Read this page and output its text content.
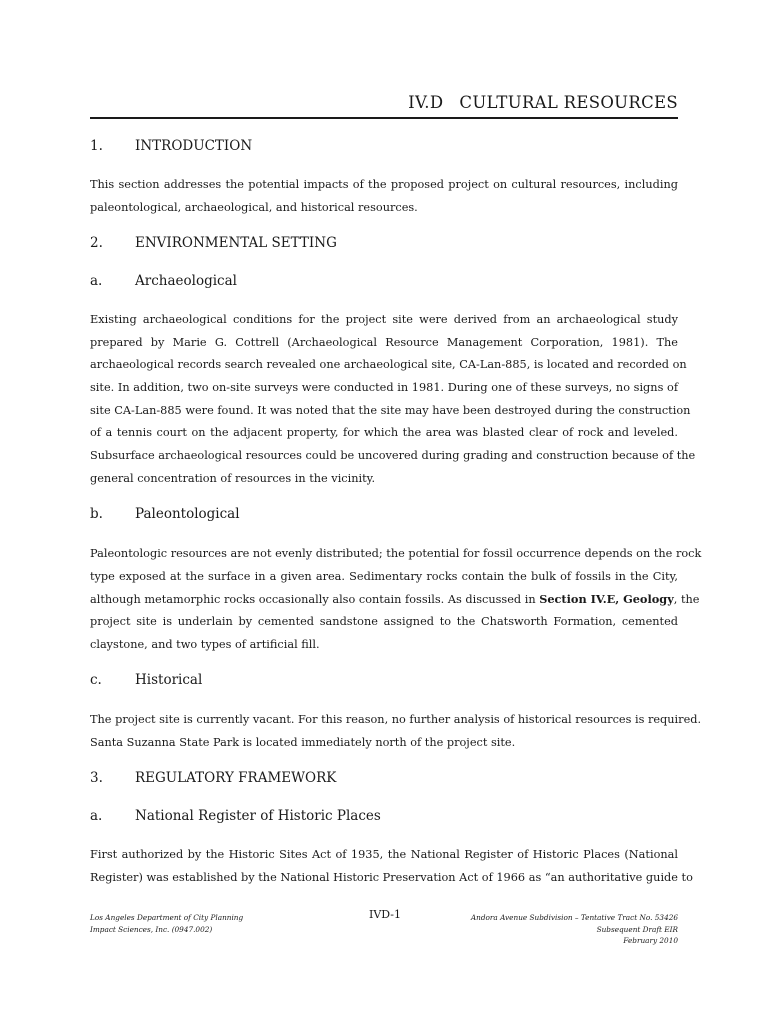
IV.D CULTURAL RESOURCES
1. INTRODUCTION
This section addresses the potential impacts of the proposed project on cultural resources, including
paleontological, archaeological, and historical resources.
2. ENVIRONMENTAL SETTING
a. Archaeological
Existing archaeological conditions for the project site were derived from an archaeological study
prepared by Marie G. Cottrell (Archaeological Resource Management Corporation, 1981). The
archaeological records search revealed one archaeological site, CA-Lan-885, is located and recorded on
site. In addition, two on-site surveys were conducted in 1981. During one of these surveys, no signs of
site CA-Lan-885 were found. It was noted that the site may have been destroyed during the construction
of a tennis court on the adjacent property, for which the area was blasted clear of rock and leveled.
Subsurface archaeological resources could be uncovered during grading and construction because of the
general concentration of resources in the vicinity.
b. Paleontological
Paleontologic resources are not evenly distributed; the potential for fossil occurrence depends on the rock
type exposed at the surface in a given area. Sedimentary rocks contain the bulk of fossils in the City,
although metamorphic rocks occasionally also contain fossils. As discussed in Section IV.E, Geology, the
project site is underlain by cemented sandstone assigned to the Chatsworth Formation, cemented
claystone, and two types of artificial fill.
c. Historical
The project site is currently vacant. For this reason, no further analysis of historical resources is required.
Santa Suzanna State Park is located immediately north of the project site.
3. REGULATORY FRAMEWORK
a. National Register of Historic Places
First authorized by the Historic Sites Act of 1935, the National Register of Historic Places (National
Register) was established by the National Historic Preservation Act of 1966 as “an authoritative guide to
Los Angeles Department of City Planning
Impact Sciences, Inc. (0947.002)
IVD-1	Andora Avenue Subdivision – Tentative Tract No. 53426
Subsequent Draft EIR
February 2010
